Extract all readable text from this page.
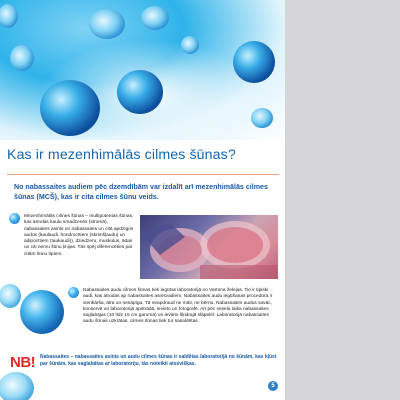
Kas ir mezenhimālās cilmes šūnas?
No nabassaites audiem pēc dzemdībām var izdalīt arī mezenhimālās cilmes šūnas (MCŠ), kas ir cita cilmes šūnu veids.
Mezenhimālās cilmes šūnas – multipotentas šūnas, kas atrodas kaulu smadzenēs (stromā), nabassaites asinīs un nabassaites un citā apdzīgos audos (kaulaudi, hondrocītiem (skrimšļaudu) un adipocītiem (taukaudi)), dziedzeru, muskulus, ādas un citi nervu šūnu ļinijas. Tās spēj diferencēties par citām šūnu tipiem.
Nabassaites audu cilmes šūnas tiek iegūtas laboratorijā no Vartona želejas. Tie ir tipiski audi, kas atrodas ap nabassaites asinsvadiem. Nabassaites audu iegūšanas procedūra ir vienkārša, ātra un nesāpīga. Tā neapdraud ne māti, ne bērnu. Nabassaites audus savāc, konservē un laboratorijā apstrādā, ievieto un fotografē. Arī pēc vesela laika nabassaites saglabājas (10 līdz 15 cm garumā) un ievieto šķidrajā slāpeklī. Laboratorijā nabassaites audu šūnas uzkrātas, cilmes šūnas tiek tur sasaldētas.
NB! Nabassaites – nabassaites asinis un audu cilmes šūnas ir saldētas laboratorijā no šūnām, kas kļūst par šūnām, kas saglabātas ar laboratoriju, tās noteikti atsevišķas.
5
